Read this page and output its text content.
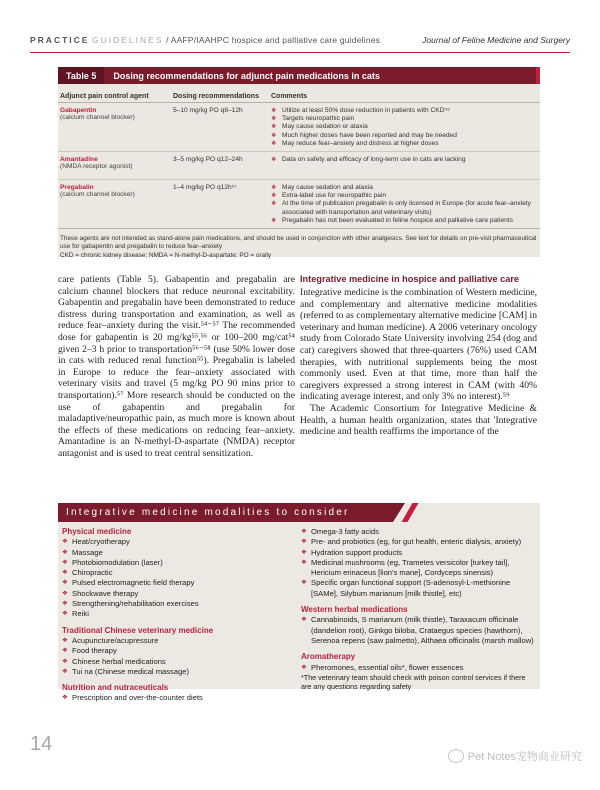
PRACTICE GUIDELINES / AAFP/IAAHPC hospice and palliative care guidelines	Journal of Feline Medicine and Surgery
Table 5	Dosing recommendations for adjunct pain medications in cats
Adjunct pain control agent	Dosing recommendations	Comments
Gabapentin
(calcium channel blocker)
5–10 mg/kg PO q8–12h	❖ Utilize at least 50% dose reduction in patients with CKD⁵⁵
❖ Targets neuropathic pain
❖ May cause sedation or ataxia
❖ Much higher doses have been reported and may be needed
❖ May reduce fear–anxiety and distress at higher doses
Amantadine
(NMDA receptor agonist)
3–5 mg/kg PO q12–24h	❖ Data on safety and efficacy of long-term use in cats are lacking
Pregabalin
(calcium channel blocker)
1–4 mg/kg PO q12h⁵⁷	❖ May cause sedation and ataxia
❖ Extra-label use for neuropathic pain
❖ At the time of publication pregabalin is only licensed in Europe (for acute fear–anxiety associated with transportation and veterinary visits)
❖ Pregabalin has not been evaluated in feline hospice and palliative care patients
These agents are not intended as stand-alone pain medications, and should be used in conjunction with other analgesics. See text for details on pre-visit pharmaceutical use for gabapentin and pregabalin to reduce fear–anxiety
CKD = chronic kidney disease; NMDA = N-methyl-D-aspartate; PO = orally

care patients (Table 5). Gabapentin and pregabalin are calcium channel blockers that reduce neuronal excitability. Gabapentin and pregabalin have been demonstrated to reduce distress during transportation and examination, as well as reduce fear–anxiety during the visit.⁵⁴⁻⁵⁷ The recommended dose for gabapentin is 20 mg/kg⁵⁵,⁵⁶ or 100–200 mg/cat⁵⁴ given 2–3 h prior to transportation⁵⁶⁻⁵⁸ (use 50% lower dose in cats with reduced renal function⁵⁵). Pregabalin is labeled in Europe to reduce the fear–anxiety associated with veterinary visits and travel (5 mg/kg PO 90 mins prior to transportation).⁵⁷ More research should be conducted on the use of gabapentin and pregabalin for maladaptive/neuropathic pain, as much more is known about the effects of these medications on reducing fear–anxiety. Amantadine is an N-methyl-D-aspartate (NMDA) receptor antagonist and is used to treat central sensitization.

Integrative medicine in hospice and palliative care

Integrative medicine is the combination of Western medicine, and complementary and alternative medicine modalities (referred to as complementary alternative medicine [CAM] in veterinary and human medicine). A 2006 veterinary oncology study from Colorado State University involving 254 (dog and cat) caregivers showed that three-quarters (76%) used CAM therapies, with nutritional supplements being the most commonly used. Even at that time, more than half the caregivers expressed a strong interest in CAM (with 40% indicating average interest, and only 3% no interest).⁵⁹

The Academic Consortium for Integrative Medicine & Health, a human health organization, states that 'Integrative medicine and health reaffirms the importance of the

Integrative medicine modalities to consider
Physical medicine
❖ Heat/cryotherapy
❖ Massage
❖ Photobiomodulation (laser)
❖ Chiropractic
❖ Pulsed electromagnetic field therapy
❖ Shockwave therapy
❖ Strengthening/rehabilitation exercises
❖ Reiki
Traditional Chinese veterinary medicine
❖ Acupuncture/acupressure
❖ Food therapy
❖ Chinese herbal medications
❖ Tui na (Chinese medical massage)
Nutrition and nutraceuticals
❖ Prescription and over-the-counter diets
❖ Omega-3 fatty acids
❖ Pre- and probiotics (eg, for gut health, enteric dialysis, anxiety)
❖ Hydration support products
❖ Medicinal mushrooms (eg, Trametes versicolor [turkey tail], Hericium erinaceus [lion's mane], Cordyceps sinensis)
❖ Specific organ functional support (S-adenosyl-L-methionine [SAMe], Silybum marianum [milk thistle], etc)
Western herbal medications
❖ Cannabinoids, S marianum (milk thistle), Taraxacum officinale (dandelion root), Ginkgo biloba, Crataegus species (hawthorn), Serenoa repens (saw palmetto), Althaea officinalis (marsh mallow)
Aromatherapy
❖ Pheromones, essential oils*, flower essences
*The veterinary team should check with poison control services if there are any questions regarding safety
14
Pet Notes宠物商业研究
